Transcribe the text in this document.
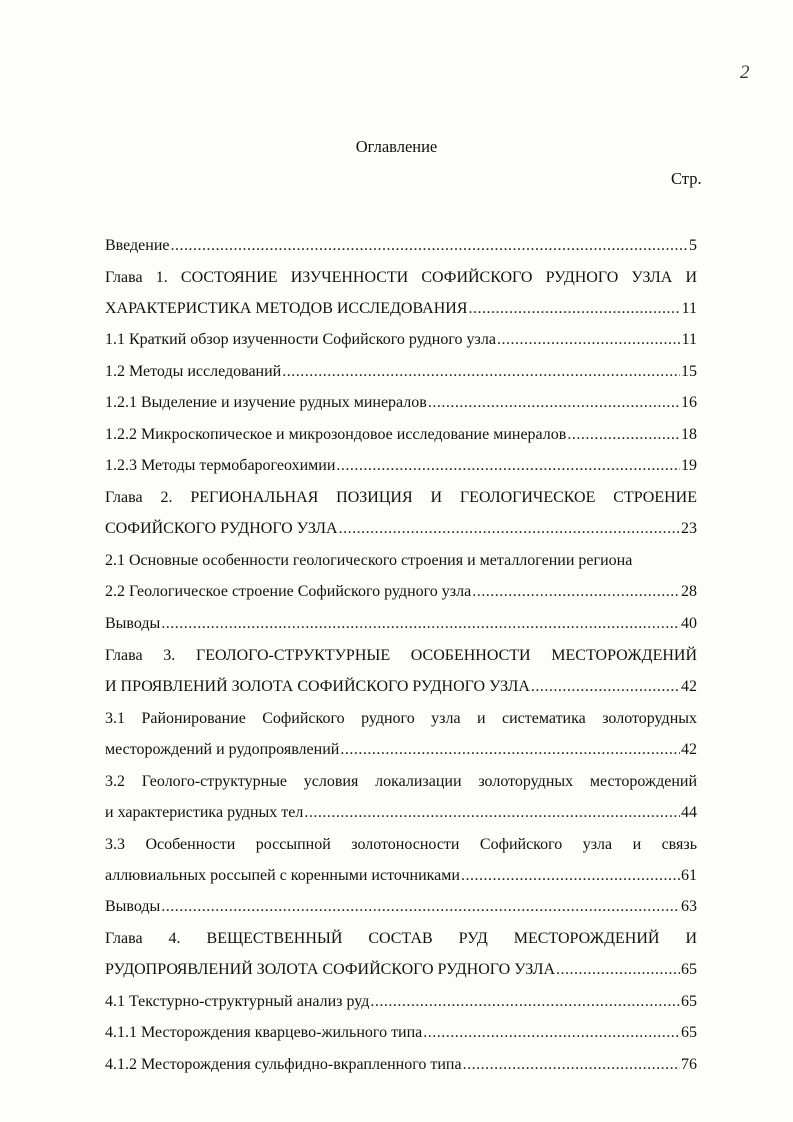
2
Оглавление
Стр.
Введение .....	5
Глава 1. СОСТОЯНИЕ ИЗУЧЕННОСТИ СОФИЙСКОГО РУДНОГО УЗЛА И
ХАРАКТЕРИСТИКА МЕТОДОВ ИССЛЕДОВАНИЯ .....	11
1.1 Краткий обзор изученности Софийского рудного узла .....	11
1.2 Методы исследований .....	15
1.2.1 Выделение и изучение рудных минералов .....	16
1.2.2 Микроскопическое и микрозондовое исследование минералов .....	18
1.2.3 Методы термобарогеохимии .....	19
Глава 2. РЕГИОНАЛЬНАЯ ПОЗИЦИЯ И ГЕОЛОГИЧЕСКОЕ СТРОЕНИЕ
СОФИЙСКОГО РУДНОГО УЗЛА .....	23
2.1 Основные особенности геологического строения и металлогении региона
2.2 Геологическое строение Софийского рудного узла .....	28
Выводы .....	40
Глава 3. ГЕОЛОГО-СТРУКТУРНЫЕ ОСОБЕННОСТИ МЕСТОРОЖДЕНИЙ
И ПРОЯВЛЕНИЙ ЗОЛОТА СОФИЙСКОГО РУДНОГО УЗЛА .....	42
3.1 Районирование Софийского рудного узла и систематика золоторудных
месторождений и рудопроявлений .....	42
3.2 Геолого-структурные условия локализации золоторудных месторождений
и характеристика рудных тел .....	44
3.3 Особенности россыпной золотоносности Софийского узла и связь
аллювиальных россыпей с коренными источниками .....	61
Выводы .....	63
Глава 4. ВЕЩЕСТВЕННЫЙ СОСТАВ РУД МЕСТОРОЖДЕНИЙ И
РУДОПРОЯВЛЕНИЙ ЗОЛОТА СОФИЙСКОГО РУДНОГО УЗЛА .....	65
4.1 Текстурно-структурный анализ руд .....	65
4.1.1 Месторождения кварцево-жильного типа .....	65
4.1.2 Месторождения сульфидно-вкрапленного типа .....	76
